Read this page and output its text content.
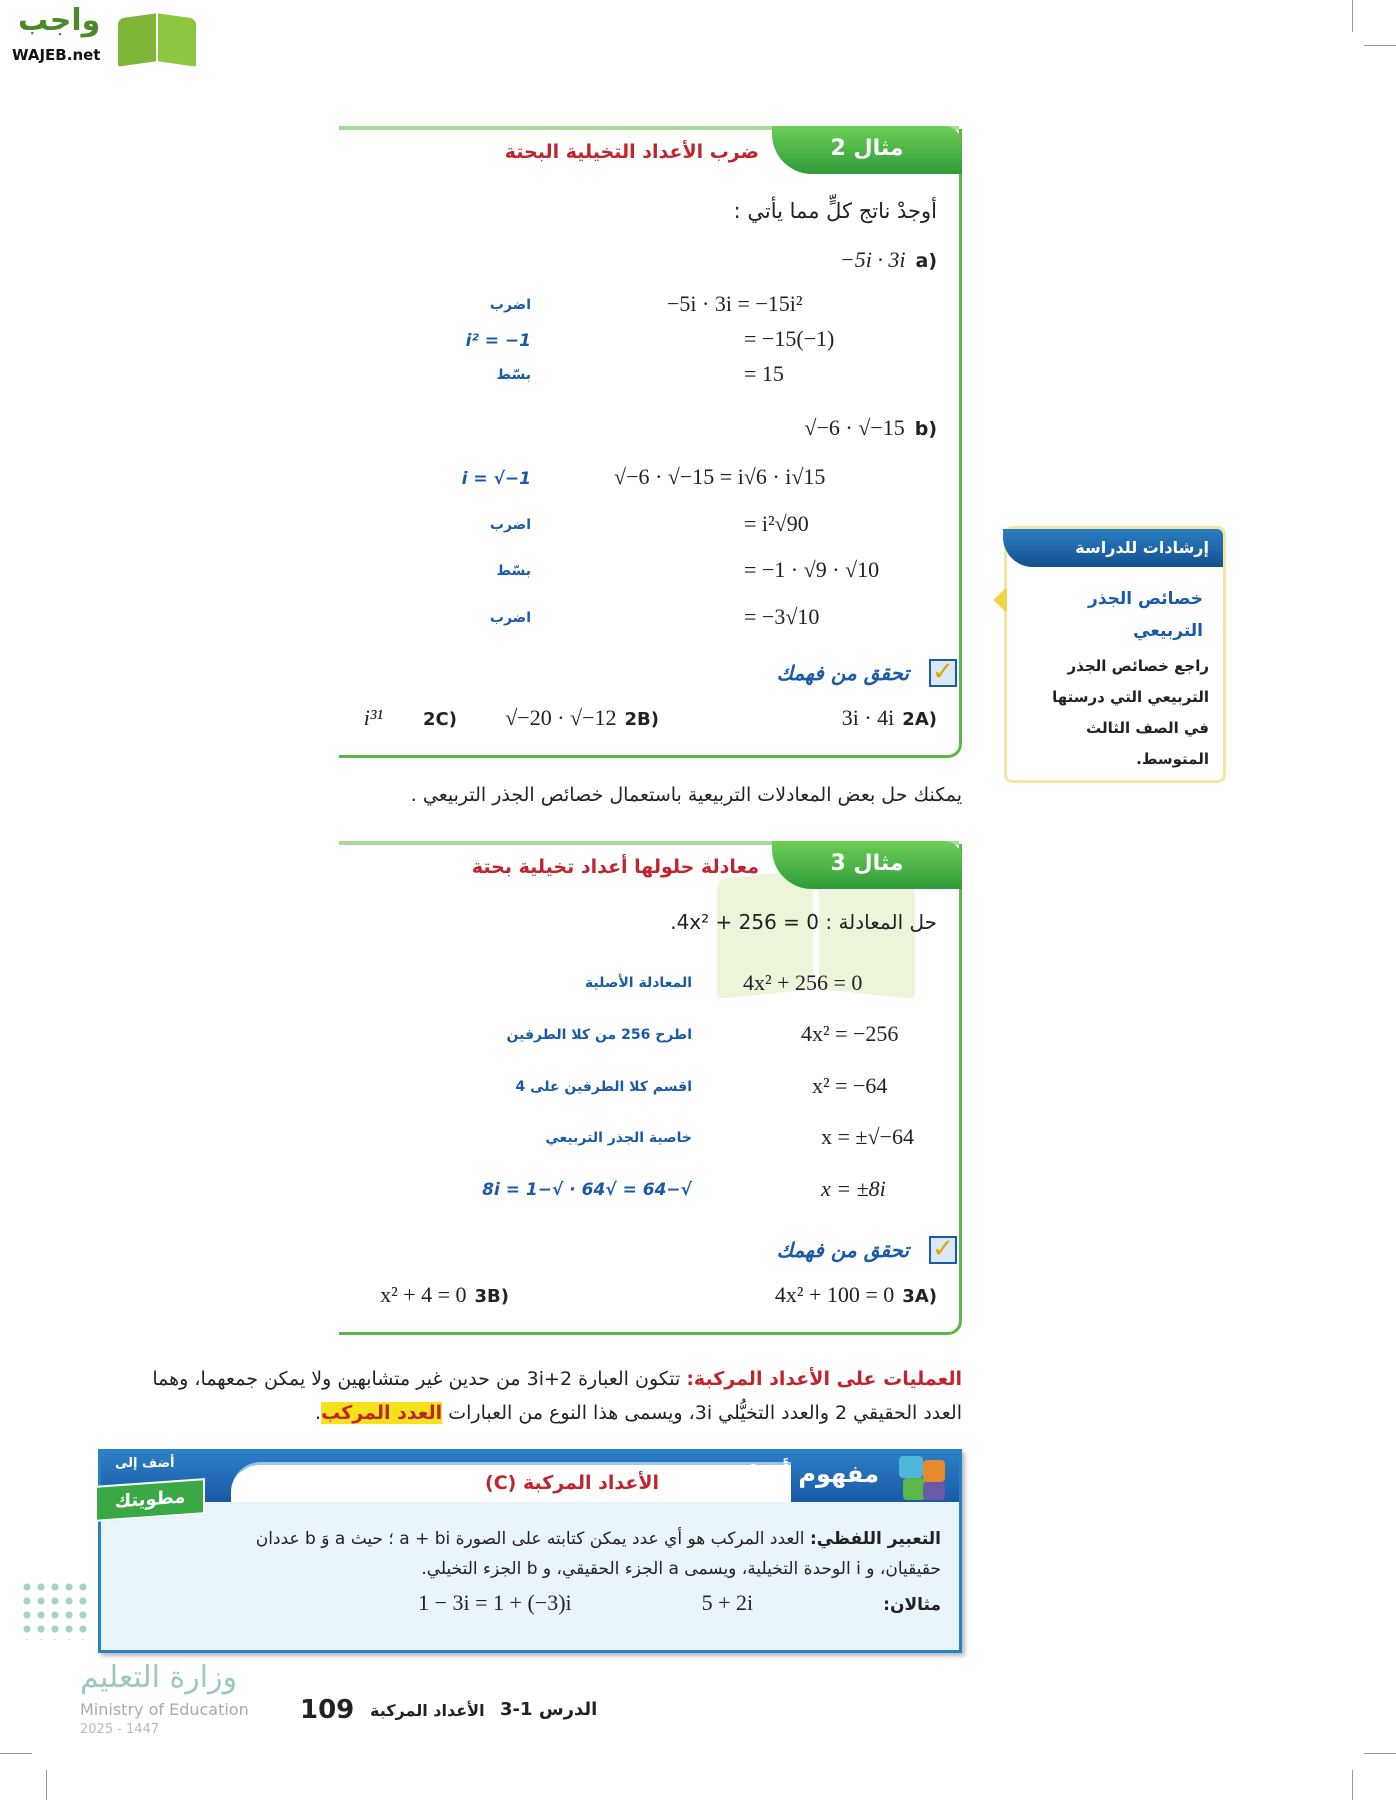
واجب
WAJEB.net
مثال 2
ضرب الأعداد التخيلية البحتة
أوجدْ ناتج كلٍّ مما يأتي :
(a
−5i · 3i
−5i · 3i = −15i²
اضرب
= −15(−1)
i² = −1
= 15
بسّط
(b
√−6 · √−15
√−6 · √−15 = i√6 · i√15
i = √−1
= i²√90
اضرب
= −1 · √9 · √10
بسّط
= −3√10
اضرب
تحقق من فهمك ✓
(2A
3i · 4i
(2B
√−20 · √−12
(2C
i³¹
إرشادات للدراسة
خصائص الجذر
التربيعي
راجع خصائص الجذر
التربيعي التي درستها
في الصف الثالث
المتوسط.
يمكنك حل بعض المعادلات التربيعية باستعمال خصائص الجذر التربيعي .
مثال 3
معادلة حلولها أعداد تخيلية بحتة
حل المعادلة : 4x² + 256 = 0.
4x² + 256 = 0
المعادلة الأصلية
4x² = −256
اطرح 256 من كلا الطرفين
x² = −64
اقسم كلا الطرفين على 4
x = ±√−64
خاصية الجذر التربيعي
x = ±8i
√−64 = √64 · √−1 = 8i
تحقق من فهمك ✓
(3A
4x² + 100 = 0
(3B
x² + 4 = 0
العمليات على الأعداد المركبة: تتكون العبارة 2+3i من حدين غير متشابهين ولا يمكن جمعهما، وهما
العدد الحقيقي 2 والعدد التخيُّلي 3i، ويسمى هذا النوع من العبارات العدد المركب.
مفهوم أساسي
الأعداد المركبة (C)
أضف إلى
مطويتك
التعبير اللفظي: العدد المركب هو أي عدد يمكن كتابته على الصورة a + bi ؛ حيث a وَ b عددان
حقيقيان، و i الوحدة التخيلية، ويسمى a الجزء الحقيقي، و b الجزء التخيلي.
مثالان:
5 + 2i
1 − 3i = 1 + (−3)i
وزارة التعليم
Ministry of Education
2025 - 1447
109 الأعداد المركبة الدرس 1-3
